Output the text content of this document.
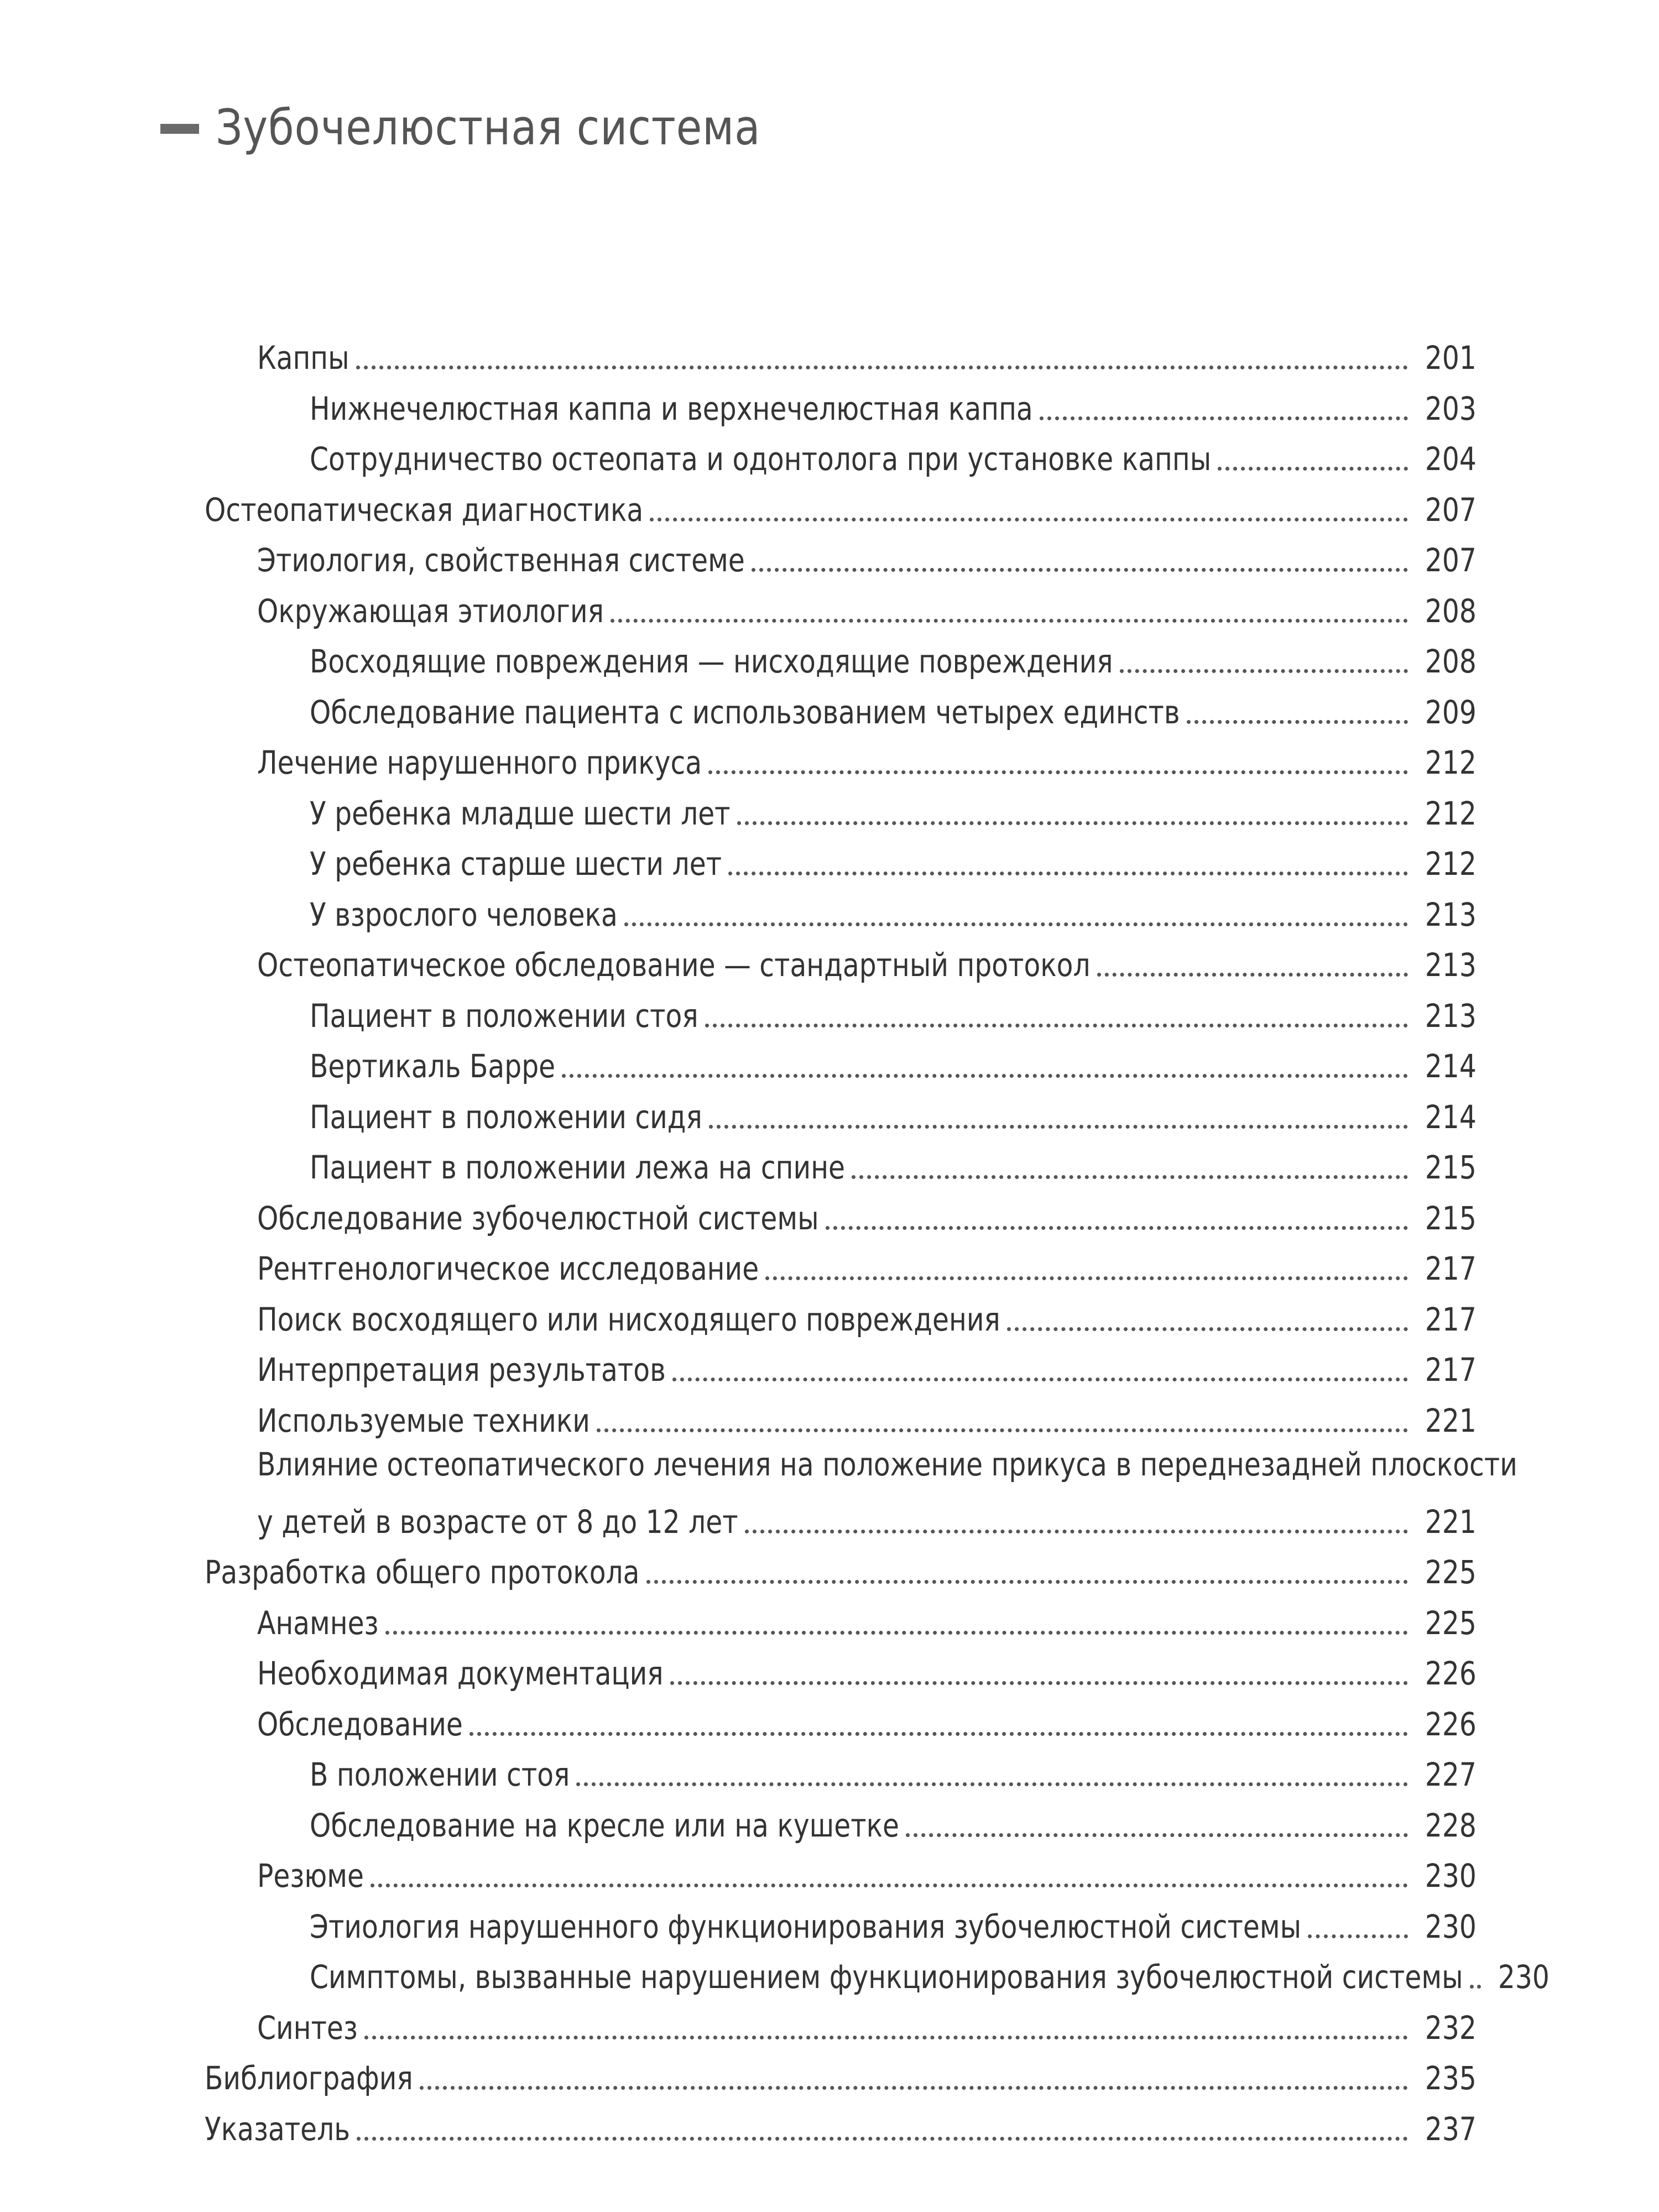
Зубочелюстная система
Каппы	201
Нижнечелюстная каппа и верхнечелюстная каппа	203
Сотрудничество остеопата и одонтолога при установке каппы	204
Остеопатическая диагностика	207
Этиология, свойственная системе	207
Окружающая этиология	208
Восходящие повреждения — нисходящие повреждения	208
Обследование пациента с использованием четырех единств	209
Лечение нарушенного прикуса	212
У ребенка младше шести лет	212
У ребенка старше шести лет	212
У взрослого человека	213
Остеопатическое обследование — стандартный протокол	213
Пациент в положении стоя	213
Вертикаль Барре	214
Пациент в положении сидя	214
Пациент в положении лежа на спине	215
Обследование зубочелюстной системы	215
Рентгенологическое исследование	217
Поиск восходящего или нисходящего повреждения	217
Интерпретация результатов	217
Используемые техники	221
Влияние остеопатического лечения на положение прикуса в переднезадней плоскости
у детей в возрасте от 8 до 12 лет	221
Разработка общего протокола	225
Анамнез	225
Необходимая документация	226
Обследование	226
В положении стоя	227
Обследование на кресле или на кушетке	228
Резюме	230
Этиология нарушенного функционирования зубочелюстной системы	230
Симптомы, вызванные нарушением функционирования зубочелюстной системы 230
Синтез	232
Библиография	235
Указатель	237
